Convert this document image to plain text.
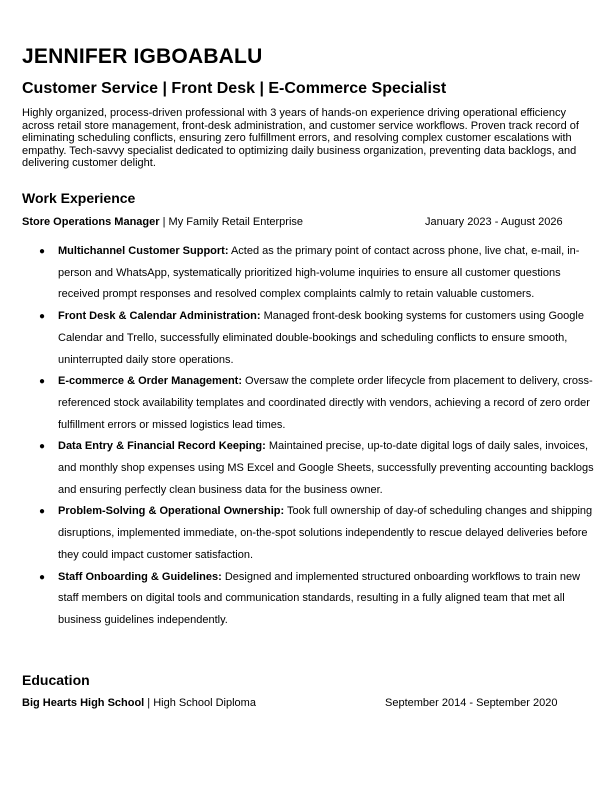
JENNIFER IGBOABALU
Customer Service | Front Desk | E-Commerce Specialist
Highly organized, process-driven professional with 3 years of hands-on experience driving operational efficiency across retail store management, front-desk administration, and customer service workflows. Proven track record of eliminating scheduling conflicts, ensuring zero fulfillment errors, and resolving complex customer escalations with empathy. Tech-savvy specialist dedicated to optimizing daily business organization, preventing data backlogs, and delivering customer delight.
Work Experience
Store Operations Manager | My Family Retail Enterprise	January 2023 - August 2026
● Multichannel Customer Support: Acted as the primary point of contact across phone, live chat, e-mail, in-person and WhatsApp, systematically prioritized high-volume inquiries to ensure all customer questions received prompt responses and resolved complex complaints calmly to retain valuable customers.
● Front Desk & Calendar Administration: Managed front-desk booking systems for customers using Google Calendar and Trello, successfully eliminated double-bookings and scheduling conflicts to ensure smooth, uninterrupted daily store operations.
● E-commerce & Order Management: Oversaw the complete order lifecycle from placement to delivery, cross-referenced stock availability templates and coordinated directly with vendors, achieving a record of zero order fulfillment errors or missed logistics lead times.
● Data Entry & Financial Record Keeping: Maintained precise, up-to-date digital logs of daily sales, invoices, and monthly shop expenses using MS Excel and Google Sheets, successfully preventing accounting backlogs and ensuring perfectly clean business data for the business owner.
● Problem-Solving & Operational Ownership: Took full ownership of day-of scheduling changes and shipping disruptions, implemented immediate, on-the-spot solutions independently to rescue delayed deliveries before they could impact customer satisfaction.
● Staff Onboarding & Guidelines: Designed and implemented structured onboarding workflows to train new staff members on digital tools and communication standards, resulting in a fully aligned team that met all business guidelines independently.
Education
Big Hearts High School | High School Diploma	September 2014 - September 2020
